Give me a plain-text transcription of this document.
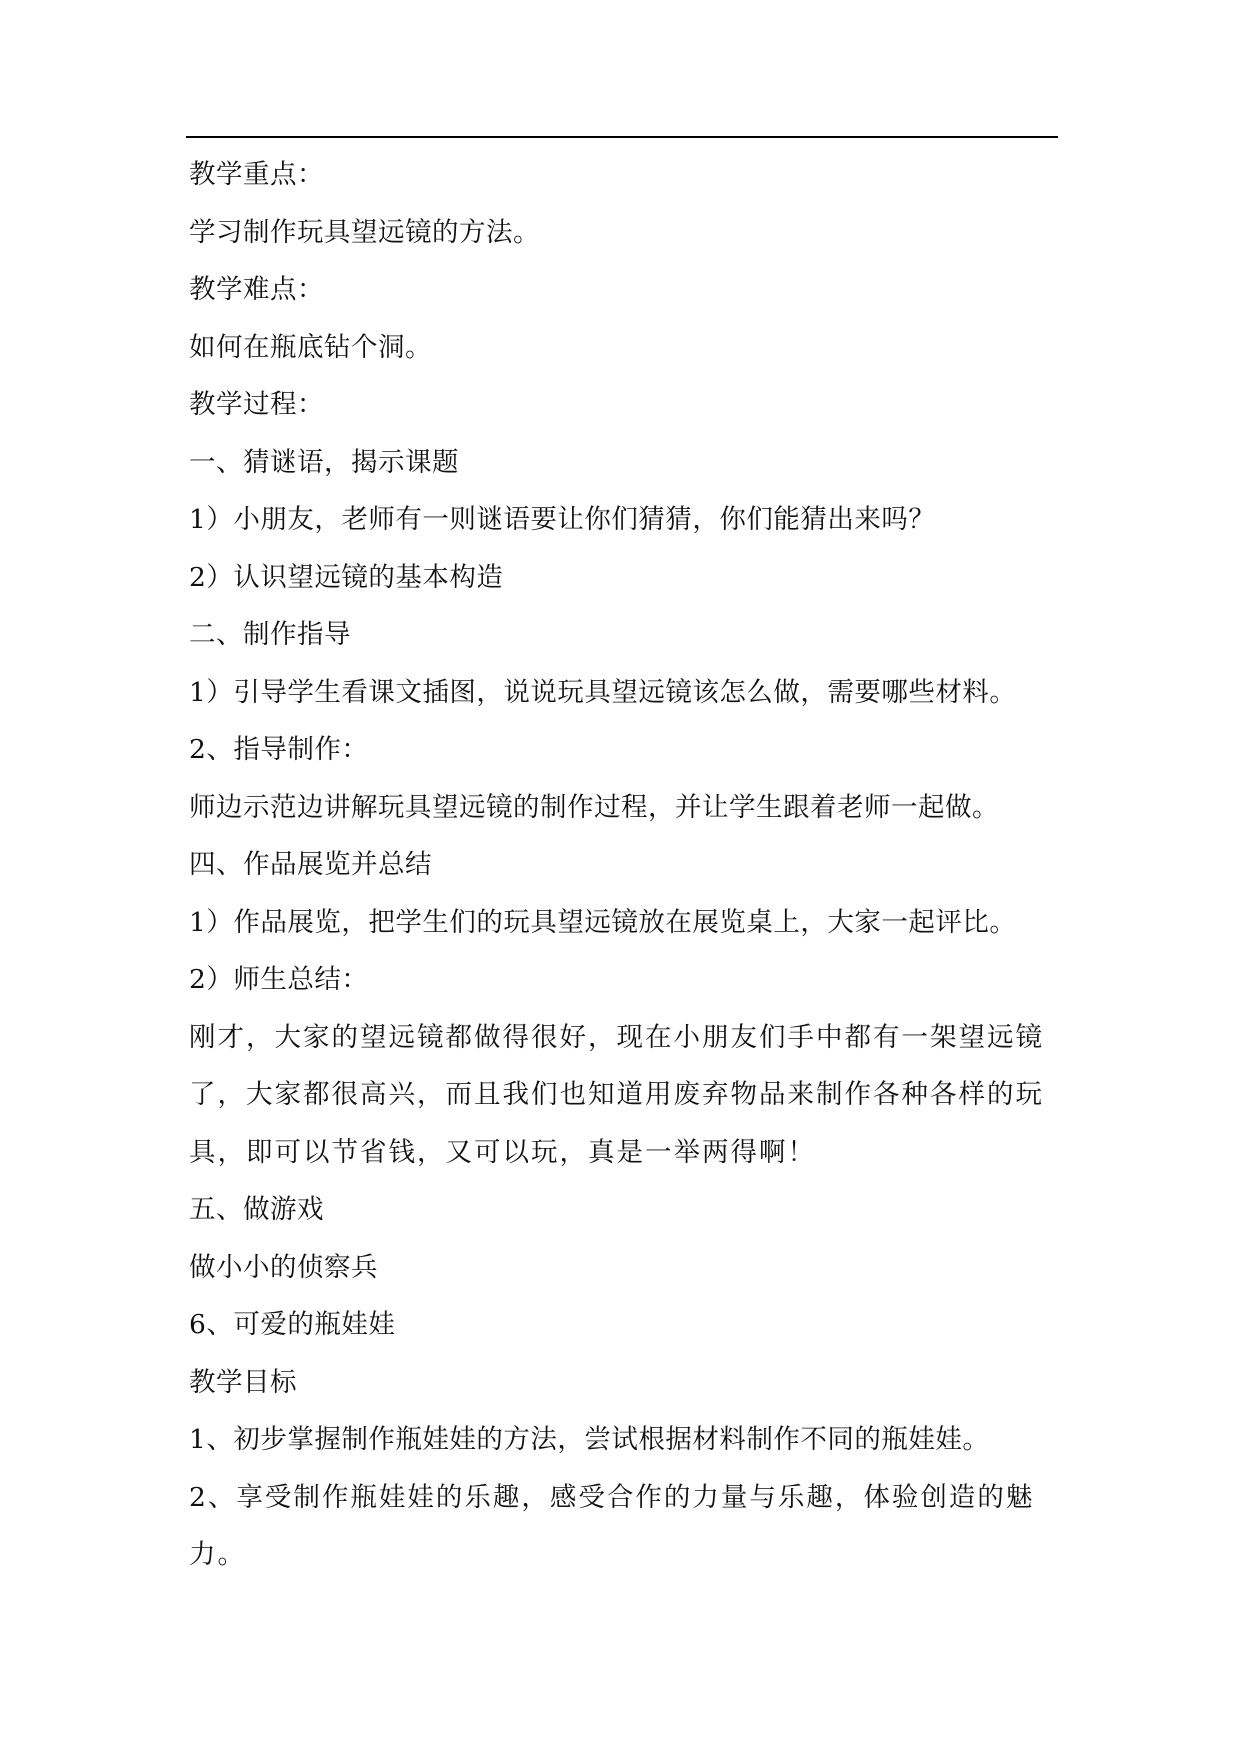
教学重点：
学习制作玩具望远镜的方法。
教学难点：
如何在瓶底钻个洞。
教学过程：
一、猜谜语，揭示课题
1）小朋友，老师有一则谜语要让你们猜猜，你们能猜出来吗？
2）认识望远镜的基本构造
二、制作指导
1）引导学生看课文插图，说说玩具望远镜该怎么做，需要哪些材料。
2、指导制作：
师边示范边讲解玩具望远镜的制作过程，并让学生跟着老师一起做。
四、作品展览并总结
1）作品展览，把学生们的玩具望远镜放在展览桌上，大家一起评比。
2）师生总结：
刚才，大家的望远镜都做得很好，现在小朋友们手中都有一架望远镜了，大家都很高兴，而且我们也知道用废弃物品来制作各种各样的玩具，即可以节省钱，又可以玩，真是一举两得啊！
五、做游戏
做小小的侦察兵
6、可爱的瓶娃娃
教学目标
1、初步掌握制作瓶娃娃的方法，尝试根据材料制作不同的瓶娃娃。
2、享受制作瓶娃娃的乐趣，感受合作的力量与乐趣，体验创造的魅力。
